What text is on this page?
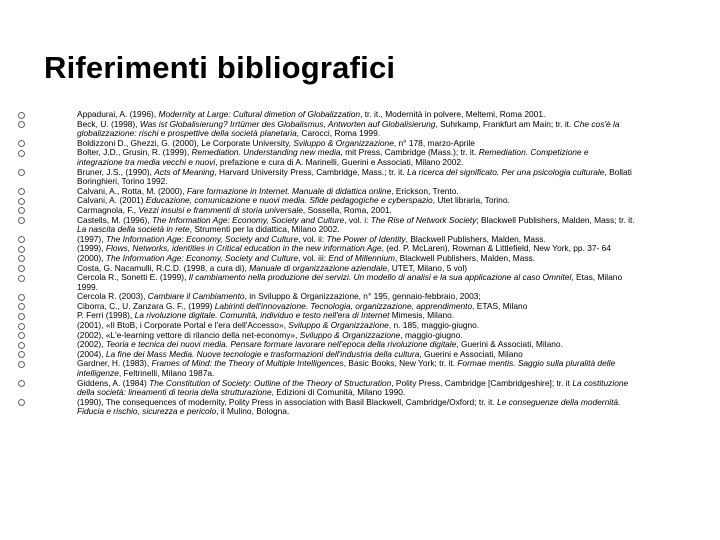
Riferimenti bibliografici
Appadurai, A. (1996), Modernity at Large: Cultural dimetion of Globalizzation, tr. it., Modernità in polvere, Meltemi, Roma 2001.
Beck, U. (1998), Was ist Globalisierung? Irrtümer des Globalismus, Antworten auf Globalisierung, Suhrkamp, Frankfurt am Main; tr. it. Che cos'è la
globalizzazione: rischi e prospettive della società planetaria, Carocci, Roma 1999.
Boldizzoni D., Ghezzi, G. (2000), Le Corporate University, Sviluppo & Organizzazione, n° 178, marzo-Aprile
Bolter, J.D., Grusin, R. (1999), Remediation. Understanding new media, mit Press, Cambridge (Mass.); tr. it. Remediation. Competizione e
integrazione tra media vecchi e nuovi, prefazione e cura di A. Marinelli, Guerini e Associati, Milano 2002.
Bruner, J.S., (1990), Acts of Meaning, Harvard University Press, Cambridge, Mass.; tr. it. La ricerca del significato. Per una psicologia culturale, Bollati
Boringhieri, Torino 1992.
Calvani, A., Rotta, M. (2000), Fare formazione in Internet. Manuale di didattica online, Erickson, Trento.
Calvani, A. (2001) Educazione, comunicazione e nuovi media. Sfide pedagogiche e cyberspazio, Utet libraria, Torino.
Carmagnola, F., Vezzi insulsi e frammenti di storia universale, Sossella, Roma, 2001.
Castells, M. (1996), The Information Age: Economy, Society and Culture, vol. i: The Rise of Network Society; Blackwell Publishers, Malden, Mass; tr. it.
La nascita della società in rete, Strumenti per la didattica, Milano 2002.
(1997), The Information Age: Economy, Society and Culture, vol. ii: The Power of Identity, Blackwell Publishers, Malden, Mass.
(1999), Flows, Networks, identities in Critical education in the new information Age, (ed. P. McLaren), Rowman & Littlefield, New York, pp. 37- 64
(2000), The Information Age: Economy, Society and Culture, vol. iii: End of Millennium, Blackwell Publishers, Malden, Mass.
Costa, G. Nacamulli, R.C.D. (1998, a cura di), Manuale di organizzazione aziendale, UTET, Milano, 5 vol)
Cercola R., Sonetti E. (1999), Il cambiamento nella produzione dei servizi. Un modello di analisi e la sua applicazione al caso Omnitel, Etas, Milano
1999.
Cercola R. (2003), Cambiare il Cambiamento, in Sviluppo & Organizzazione, n° 195, gennaio-febbraio, 2003;
Ciborra, C., U. Zanzara G. F., (1999) Labirinti dell'innovazione. Tecnologia, organizzazione, apprendimento, ETAS, Milano
P. Ferri (1998), La rivoluzione digitale. Comunità, individuo e testo nell'era di Internet Mimesis, Milano.
(2001), «Il BtoB, i Corporate Portal e l'era dell'Accesso», Sviluppo & Organizzazione, n. 185, maggio-giugno.
(2002), «L'e-learning vettore di rilancio della net-economy», Sviluppo & Organizzazione, maggio-giugno.
(2002), Teoria e tecnica dei nuovi media. Pensare formare lavorare nell'epoca della rivoluzione digitale, Guerini & Associati, Milano.
(2004), La fine dei Mass Media. Nuove tecnologie e trasformazioni dell'industria della cultura, Guerini e Associati, Milano
Gardner, H. (1983), Frames of Mind: the Theory of Multiple Intelligences, Basic Books, New York; tr. it. Formae mentis. Saggio sulla pluralità delle
intelligenze, Feltrinelli, Milano 1987a.
Giddens, A. (1984) The Constitution of Society: Outline of the Theory of Structuration, Polity Press, Cambridge [Cambridgeshire]; tr. it La costituzione
della società: lineamenti di teoria della strutturazione, Edizioni di Comunità, Milano 1990.
(1990), The consequences of modernity, Polity Press in association with Basil Blackwell, Cambridge/Oxford; tr. it. Le conseguenze della modernità.
Fiducia e rischio, sicurezza e pericolo, il Mulino, Bologna.
